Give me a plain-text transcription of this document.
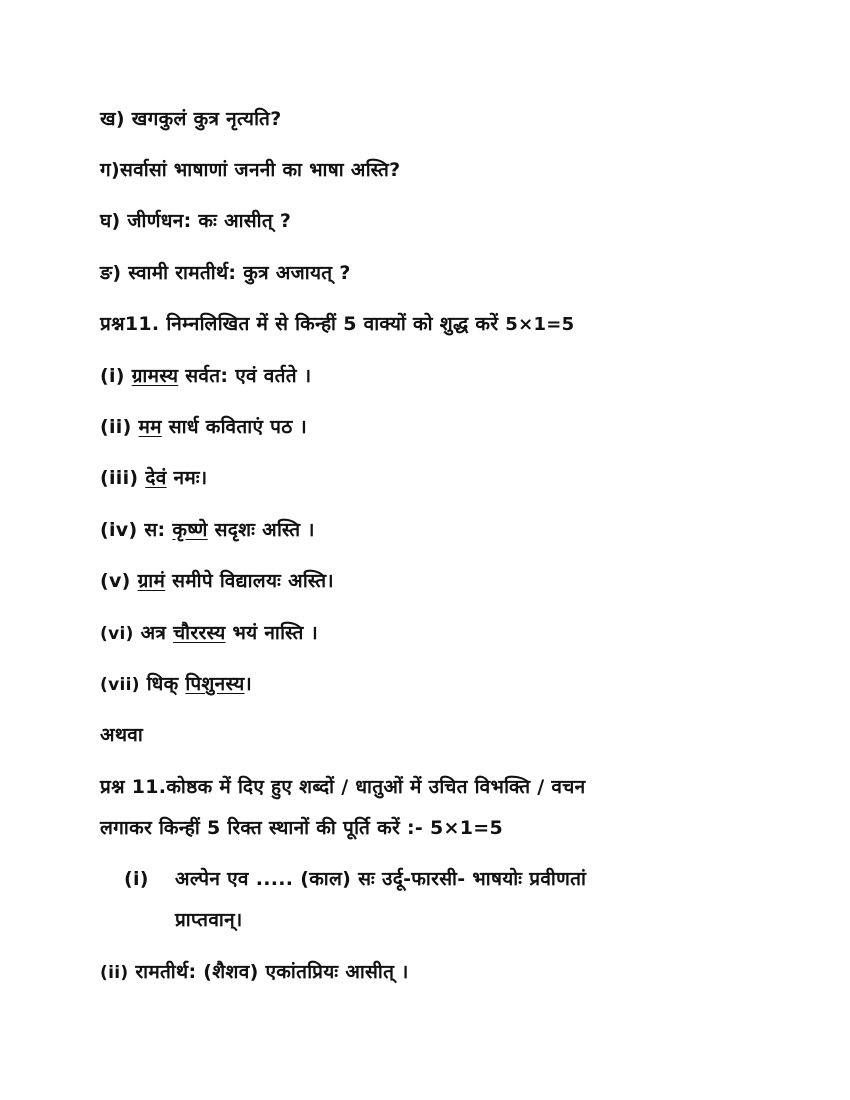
ख) खगकुलं कुत्र नृत्यति?
ग)सर्वासां भाषाणां जननी का भाषा अस्ति?
घ) जीर्णधन: कः आसीत् ?
ङ) स्वामी रामतीर्थ: कुत्र अजायत् ?
प्रश्न11. निम्नलिखित में से किन्हीं 5 वाक्यों को शुद्ध करें 5×1=5
(i) ग्रामस्य सर्वत: एवं वर्तते ।
(ii) मम सार्ध कविताएं पठ ।
(iii) देवं नमः।
(iv) स: कृष्णे सदृशः अस्ति ।
(v) ग्रामं समीपे विद्यालयः अस्ति।
(vi) अत्र चौररस्य भयं नास्ति ।
(vii) धिक् पिशुनस्य।
अथवा
प्रश्न 11.कोष्ठक में दिए हुए शब्दों / धातुओं में उचित विभक्ति / वचन
लगाकर किन्हीं 5 रिक्त स्थानों की पूर्ति करें :- 5×1=5
(i) अल्पेन एव ..... (काल) सः उर्दू-फारसी- भाषयोः प्रवीणतां
प्राप्तवान्।
(ii) रामतीर्थ: (शैशव) एकांतप्रियः आसीत् ।
